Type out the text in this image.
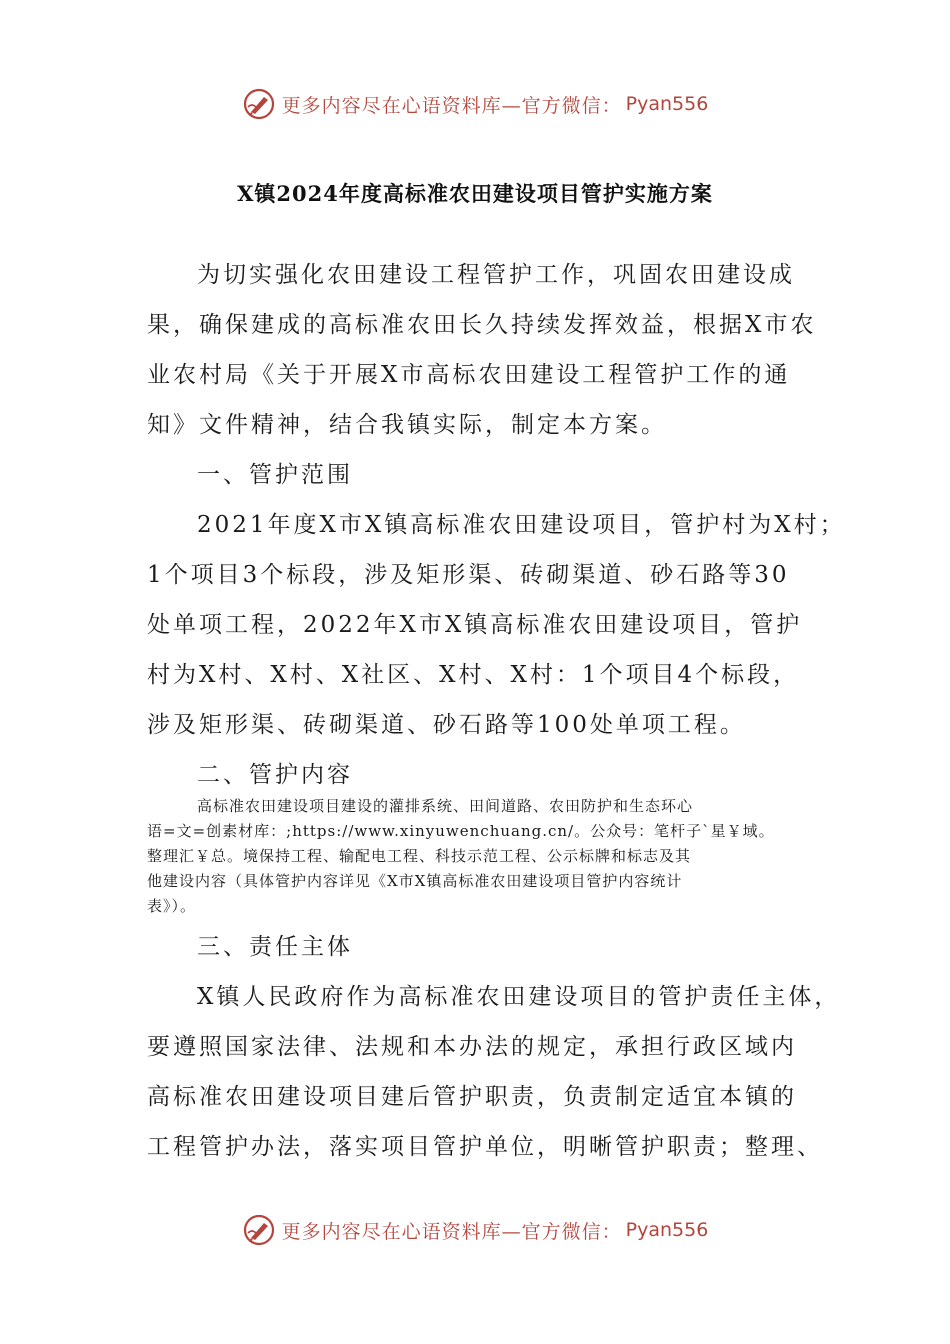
更多内容尽在心语资料库—官方微信： Pyan556
X镇2024年度高标准农田建设项目管护实施方案
为切实强化农田建设工程管护工作，巩固农田建设成
果，确保建成的高标准农田长久持续发挥效益，根据X市农
业农村局《关于开展X市高标农田建设工程管护工作的通
知》文件精神，结合我镇实际，制定本方案。
一、管护范围
2021年度X市X镇高标准农田建设项目，管护村为X村；
1个项目3个标段，涉及矩形渠、砖砌渠道、砂石路等30
处单项工程，2022年X市X镇高标准农田建设项目，管护
村为X村、X村、X社区、X村、X村：1个项目4个标段，
涉及矩形渠、砖砌渠道、砂石路等100处单项工程。
二、管护内容
高标准农田建设项目建设的灌排系统、田间道路、农田防护和生态环心
语=文=创素材库：;https://www.xinyuwenchuang.cn/。公众号：笔杆子`星￥域。
整理汇￥总。境保持工程、输配电工程、科技示范工程、公示标牌和标志及其
他建设内容（具体管护内容详见《X市X镇高标准农田建设项目管护内容统计
表》）。
三、责任主体
X镇人民政府作为高标准农田建设项目的管护责任主体，
要遵照国家法律、法规和本办法的规定，承担行政区域内
高标准农田建设项目建后管护职责，负责制定适宜本镇的
工程管护办法，落实项目管护单位，明晰管护职责；整理、
更多内容尽在心语资料库—官方微信： Pyan556
